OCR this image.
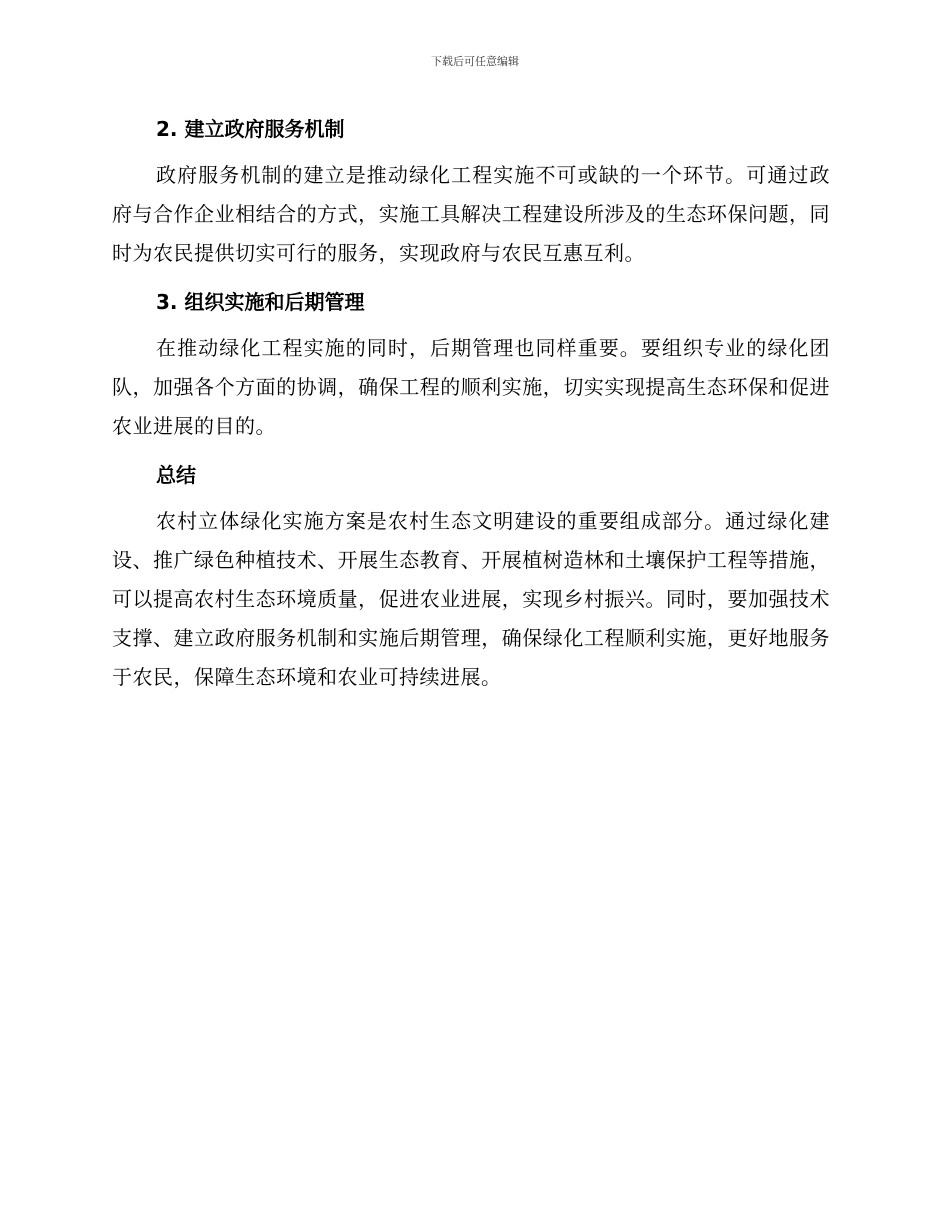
下载后可任意编辑
2. 建立政府服务机制

政府服务机制的建立是推动绿化工程实施不可或缺的一个环节。可通过政府与合作企业相结合的方式，实施工具解决工程建设所涉及的生态环保问题，同时为农民提供切实可行的服务，实现政府与农民互惠互利。

3. 组织实施和后期管理

在推动绿化工程实施的同时，后期管理也同样重要。要组织专业的绿化团队，加强各个方面的协调，确保工程的顺利实施，切实实现提高生态环保和促进农业进展的目的。

总结

农村立体绿化实施方案是农村生态文明建设的重要组成部分。通过绿化建设、推广绿色种植技术、开展生态教育、开展植树造林和土壤保护工程等措施，可以提高农村生态环境质量，促进农业进展，实现乡村振兴。同时，要加强技术支撑、建立政府服务机制和实施后期管理，确保绿化工程顺利实施，更好地服务于农民，保障生态环境和农业可持续进展。
